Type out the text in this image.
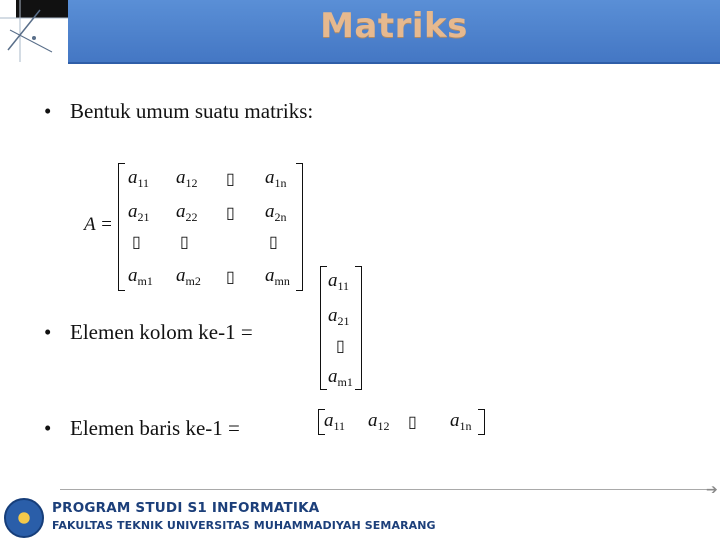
Matriks
• Bentuk umum suatu matriks:
A =
$a_{11}$ $a_{12}$ ▯ $a_{1n}$
$a_{21}$ $a_{22}$ ▯ $a_{2n}$
▯ ▯	▯
$a_{m1}$ $a_{m2}$ ▯ $a_{mn}$
• Elemen kolom ke-1 =
$a_{11}$
$a_{21}$
▯
$a_{m1}$
• Elemen baris ke-1 =	$a_{11}$ $a_{12}$ ▯ $a_{1n}$
➔
PROGRAM STUDI S1 INFORMATIKA
FAKULTAS TEKNIK UNIVERSITAS MUHAMMADIYAH SEMARANG
